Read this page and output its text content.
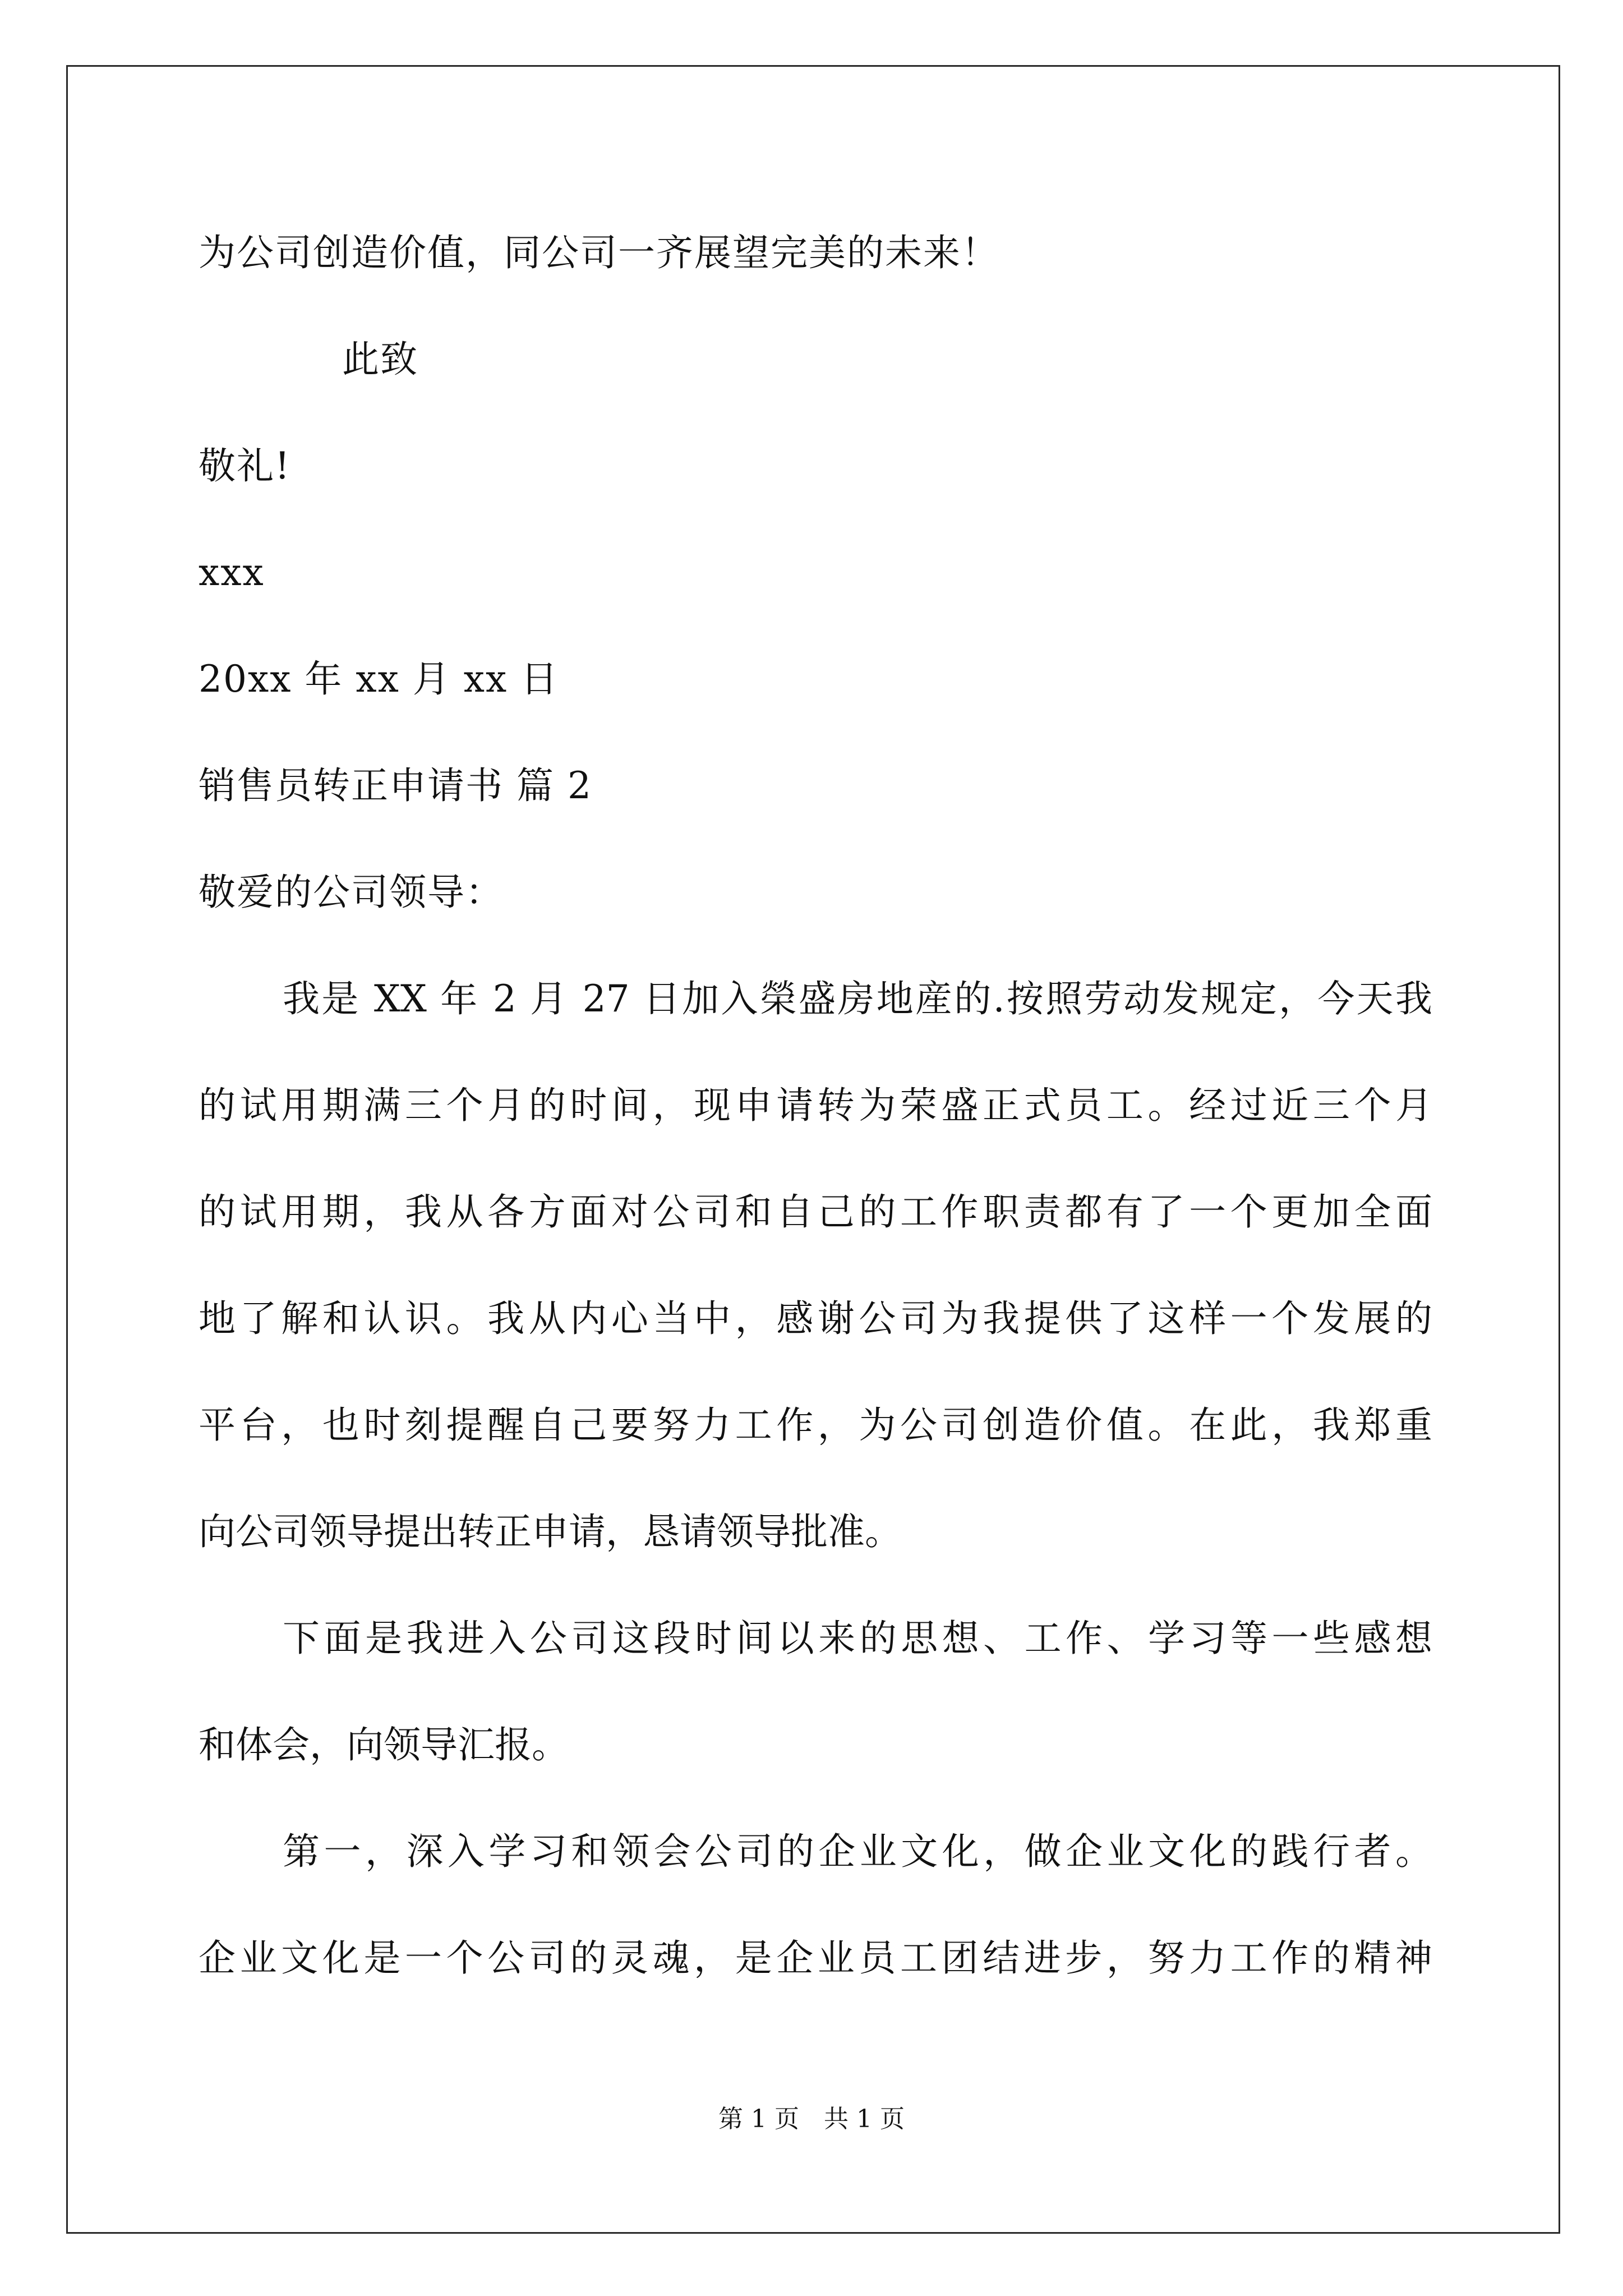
为公司创造价值，同公司一齐展望完美的未来！
此致
敬礼!
xxx
20xx 年 xx 月 xx 日
销售员转正申请书 篇 2
敬爱的公司领导：
我是 XX 年 2 月 27 日加入榮盛房地産的.按照劳动发规定，今天我
的试用期满三个月的时间，现申请转为荣盛正式员工。经过近三个月
的试用期，我从各方面对公司和自己的工作职责都有了一个更加全面
地了解和认识。我从内心当中，感谢公司为我提供了这样一个发展的
平台，也时刻提醒自己要努力工作，为公司创造价值。在此，我郑重
向公司领导提出转正申请，恳请领导批准。
下面是我进入公司这段时间以来的思想、工作、学习等一些感想
和体会，向领导汇报。
第一，深入学习和领会公司的企业文化，做企业文化的践行者。
企业文化是一个公司的灵魂，是企业员工团结进步，努力工作的精神
第 1 页　共 1 页
